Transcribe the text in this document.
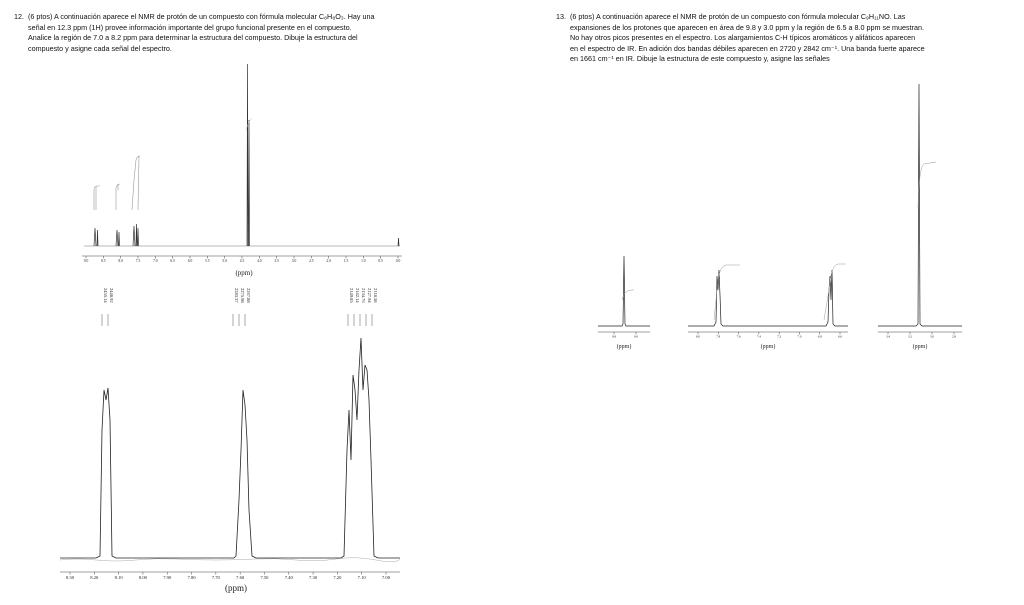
12. (6 ptos) A continuación aparece el NMR de protón de un compuesto con fórmula molecular C₈H₈O₃. Hay una
señal en 12.3 ppm (1H) provee información importante del grupo funcional presente en el compuesto.
Analice la región de 7.0 a 8.2 ppm para determinar la estructura del compuesto. Dibuje la estructura del
compuesto y asigne cada señal del espectro.
13. (6 ptos) A continuación aparece el NMR de protón de un compuesto con fórmula molecular C₉H₁₁NO. Las
expansiones de los protones que aparecen en área de 9.8 y 3.0 ppm y la región de 6.5 a 8.0 ppm se muestran.
No hay otros picos presentes en el espectro. Los alargamientos C-H típicos aromáticos y alifáticos aparecen
en el espectro de IR. En adición dos bandas débiles aparecen en 2720 y 2842 cm⁻¹. Una banda fuerte aparece
en 1661 cm⁻¹ en IR. Dibuje la estructura de este compuesto y, asigne las señales
9.0	8.5	8.0	7.5	7.0	6.5	6.0	5.5	5.0	4.5	4.0	3.5	3.0	2.5	2.0	1.5	1.0	0.5	0.0
(ppm)
2455.14 2448.92	2283.37 2275.98 2267.88	2149.85 2142.14 2134.76 2127.94 2118.58
8.30	8.20	8.10	8.00	7.90	7.80	7.70	7.60	7.50	7.40	7.30	7.20	7.10	7.00
(ppm)
9.8	9.6
(ppm)
8.0	7.8	7.6	7.4	7.2	7.0	6.8	6.6
(ppm)
3.4	3.2	3.0	2.8
(ppm)
